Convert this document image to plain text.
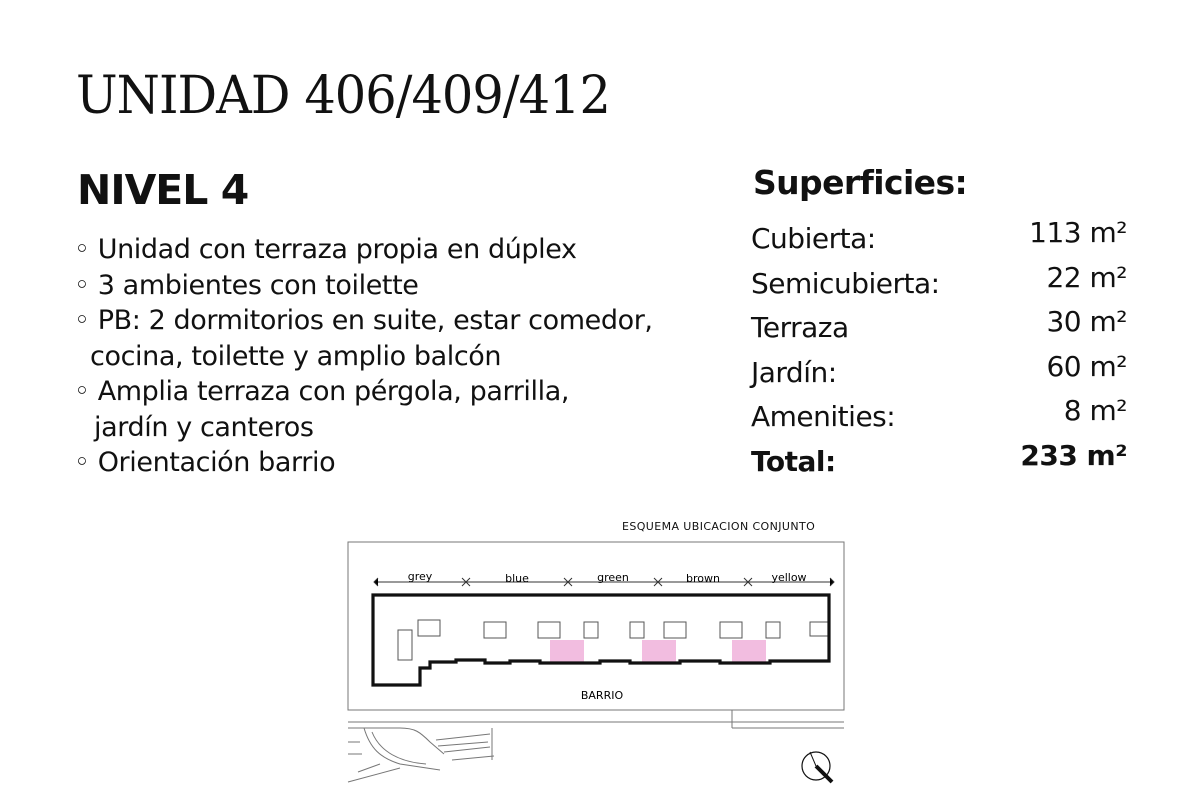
UNIDAD 406/409/412
NIVEL 4
◦ Unidad con terraza propia en dúplex
◦ 3 ambientes con toilette
◦ PB: 2 dormitorios en suite, estar comedor,
cocina, toilette y amplio balcón
◦ Amplia terraza con pérgola, parrilla,
jardín y canteros
◦ Orientación barrio
Superficies:
Cubierta:	113 m²
Semicubierta:	22 m²
Terraza	30 m²
Jardín:	60 m²
Amenities:	8 m²
Total:	233 m²
ESQUEMA UBICACION CONJUNTO
grey	blue	green	brown	yellow
BARRIO
